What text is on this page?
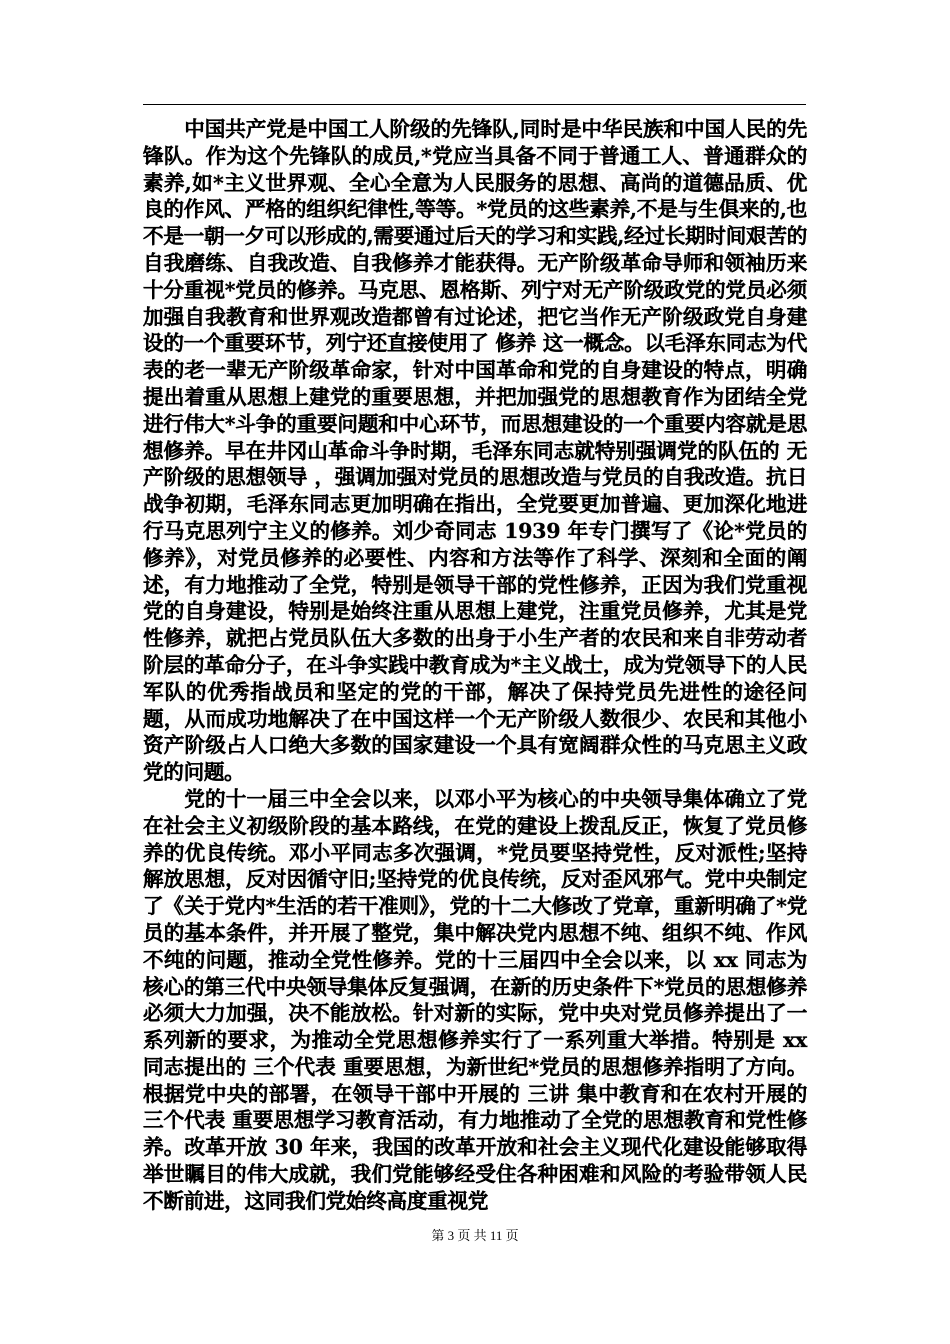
中国共产党是中国工人阶级的先锋队,同时是中华民族和中国人民的先锋队。作为这个先锋队的成员,*党应当具备不同于普通工人、普通群众的素养,如*主义世界观、全心全意为人民服务的思想、高尚的道德品质、优良的作风、严格的组织纪律性,等等。*党员的这些素养,不是与生俱来的,也不是一朝一夕可以形成的,需要通过后天的学习和实践,经过长期时间艰苦的自我磨练、自我改造、自我修养才能获得。无产阶级革命导师和领袖历来十分重视*党员的修养。马克思、恩格斯、列宁对无产阶级政党的党员必须加强自我教育和世界观改造都曾有过论述，把它当作无产阶级政党自身建设的一个重要环节，列宁还直接使用了 修养 这一概念。以毛泽东同志为代表的老一辈无产阶级革命家，针对中国革命和党的自身建设的特点，明确提出着重从思想上建党的重要思想，并把加强党的思想教育作为团结全党进行伟大*斗争的重要问题和中心环节，而思想建设的一个重要内容就是思想修养。早在井冈山革命斗争时期，毛泽东同志就特别强调党的队伍的 无产阶级的思想领导 ，强调加强对党员的思想改造与党员的自我改造。抗日战争初期，毛泽东同志更加明确在指出，全党要更加普遍、更加深化地进行马克思列宁主义的修养。刘少奇同志 1939 年专门撰写了《论*党员的修养》，对党员修养的必要性、内容和方法等作了科学、深刻和全面的阐述，有力地推动了全党，特别是领导干部的党性修养，正因为我们党重视党的自身建设，特别是始终注重从思想上建党，注重党员修养，尤其是党性修养，就把占党员队伍大多数的出身于小生产者的农民和来自非劳动者阶层的革命分子，在斗争实践中教育成为*主义战士，成为党领导下的人民军队的优秀指战员和坚定的党的干部，解决了保持党员先进性的途径问题，从而成功地解决了在中国这样一个无产阶级人数很少、农民和其他小资产阶级占人口绝大多数的国家建设一个具有宽阔群众性的马克思主义政党的问题。

党的十一届三中全会以来，以邓小平为核心的中央领导集体确立了党在社会主义初级阶段的基本路线，在党的建设上拨乱反正，恢复了党员修养的优良传统。邓小平同志多次强调，*党员要坚持党性，反对派性;坚持解放思想，反对因循守旧;坚持党的优良传统，反对歪风邪气。党中央制定了《关于党内*生活的若干准则》，党的十二大修改了党章，重新明确了*党员的基本条件，并开展了整党，集中解决党内思想不纯、组织不纯、作风不纯的问题，推动全党性修养。党的十三届四中全会以来，以 xx 同志为核心的第三代中央领导集体反复强调，在新的历史条件下*党员的思想修养必须大力加强，决不能放松。针对新的实际，党中央对党员修养提出了一系列新的要求，为推动全党思想修养实行了一系列重大举措。特别是 xx 同志提出的 三个代表 重要思想，为新世纪*党员的思想修养指明了方向。根据党中央的部署，在领导干部中开展的 三讲 集中教育和在农村开展的 三个代表 重要思想学习教育活动，有力地推动了全党的思想教育和党性修养。改革开放 30 年来，我国的改革开放和社会主义现代化建设能够取得举世瞩目的伟大成就，我们党能够经受住各种困难和风险的考验带领人民不断前进，这同我们党始终高度重视党

第 3 页 共 11 页
